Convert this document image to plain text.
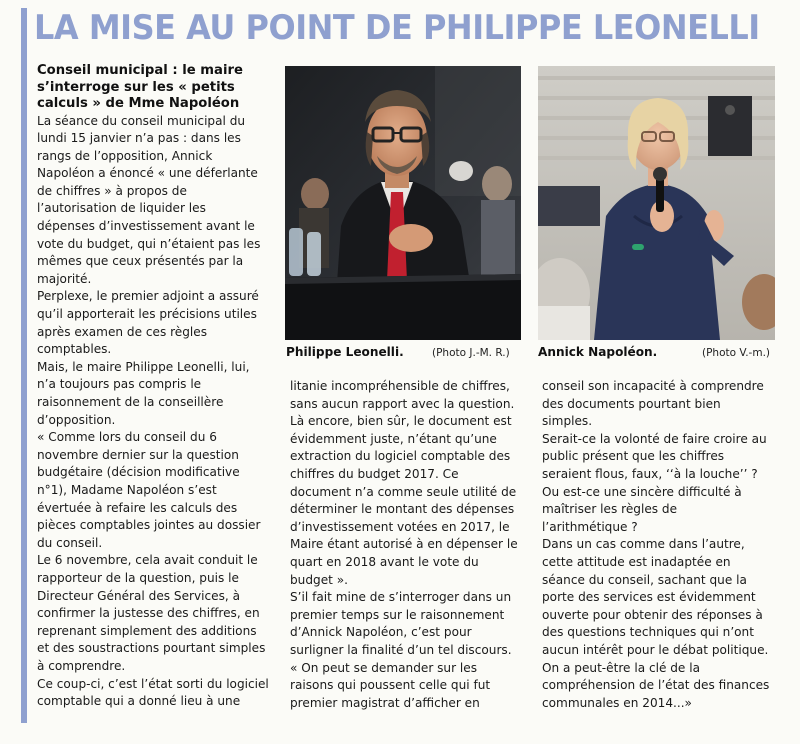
LA MISE AU POINT DE PHILIPPE LEONELLI

Conseil municipal : le maire

s’interroge sur les « petits

calculs » de Mme Napoléon

La séance du conseil municipal du

lundi 15 janvier n’a pas : dans les

rangs de l’opposition, Annick

Napoléon a énoncé « une déferlante

de chiffres » à propos de

l’autorisation de liquider les

dépenses d’investissement avant le

vote du budget, qui n’étaient pas les

mêmes que ceux présentés par la

majorité.

Perplexe, le premier adjoint a assuré

qu’il apporterait les précisions utiles

après examen de ces règles

comptables.

Mais, le maire Philippe Leonelli, lui,

n’a toujours pas compris le

raisonnement de la conseillère

d’opposition.

« Comme lors du conseil du 6

novembre dernier sur la question

budgétaire (décision modificative

n°1), Madame Napoléon s’est

évertuée à refaire les calculs des

pièces comptables jointes au dossier

du conseil.

Le 6 novembre, cela avait conduit le

rapporteur de la question, puis le

Directeur Général des Services, à

confirmer la justesse des chiffres, en

reprenant simplement des additions

et des soustractions pourtant simples

à comprendre.

Ce coup-ci, c’est l’état sorti du logiciel

comptable qui a donné lieu à une

Philippe Leonelli.	(Photo J.-M. R.) Annick Napoléon.	(Photo V.-m.)

litanie incompréhensible de chiffres,

sans aucun rapport avec la question.

Là encore, bien sûr, le document est

évidemment juste, n’étant qu’une

extraction du logiciel comptable des

chiffres du budget 2017. Ce

document n’a comme seule utilité de

déterminer le montant des dépenses

d’investissement votées en 2017, le

Maire étant autorisé à en dépenser le

quart en 2018 avant le vote du

budget ».

S’il fait mine de s’interroger dans un

premier temps sur le raisonnement

d’Annick Napoléon, c’est pour

surligner la finalité d’un tel discours.

« On peut se demander sur les

raisons qui poussent celle qui fut

premier magistrat d’afficher en

conseil son incapacité à comprendre

des documents pourtant bien

simples.

Serait-ce la volonté de faire croire au

public présent que les chiffres

seraient flous, faux, ‘‘à la louche’’ ?

Ou est-ce une sincère difficulté à

maîtriser les règles de

l’arithmétique ?

Dans un cas comme dans l’autre,

cette attitude est inadaptée en

séance du conseil, sachant que la

porte des services est évidemment

ouverte pour obtenir des réponses à

des questions techniques qui n’ont

aucun intérêt pour le débat politique.

On a peut-être la clé de la

compréhension de l’état des finances

communales en 2014...»
